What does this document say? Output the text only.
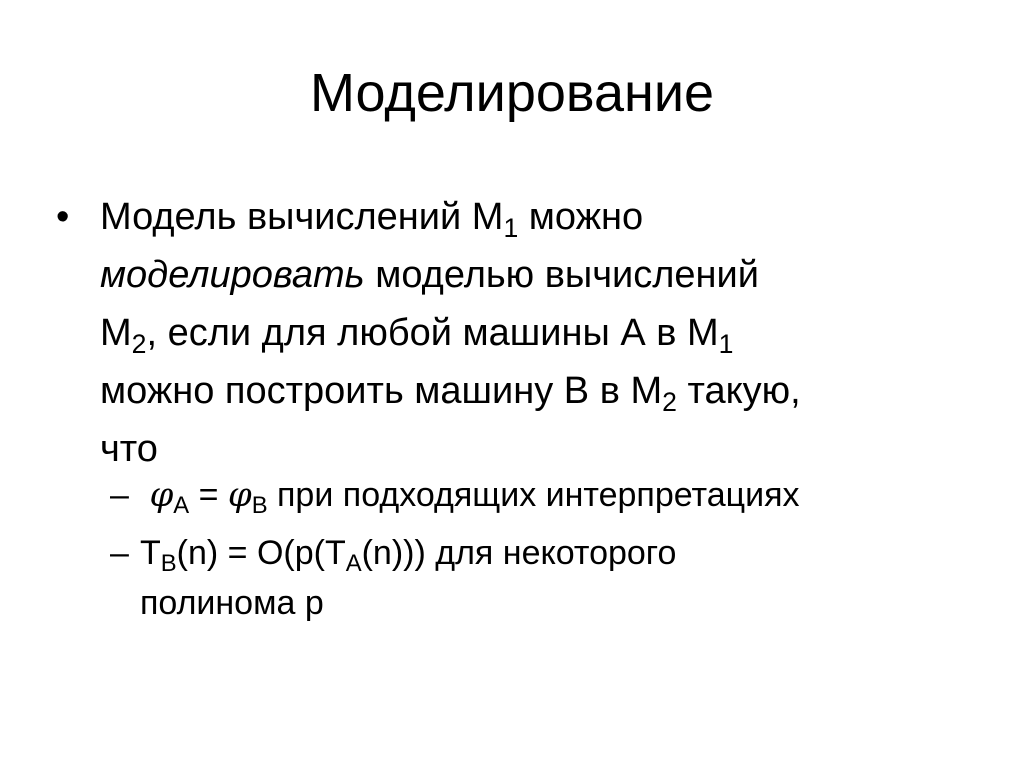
Моделирование
• Модель вычислений $М_1$ можно
моделировать моделью вычислений
$М_2$, если для любой машины А в $М_1$
можно построить машину В в $М_2$ такую,
что
– $\varphi_A = \varphi_B$ при подходящих интерпретациях
– $T_B(n) = O(p(T_A(n)))$ для некоторого
полинома p
